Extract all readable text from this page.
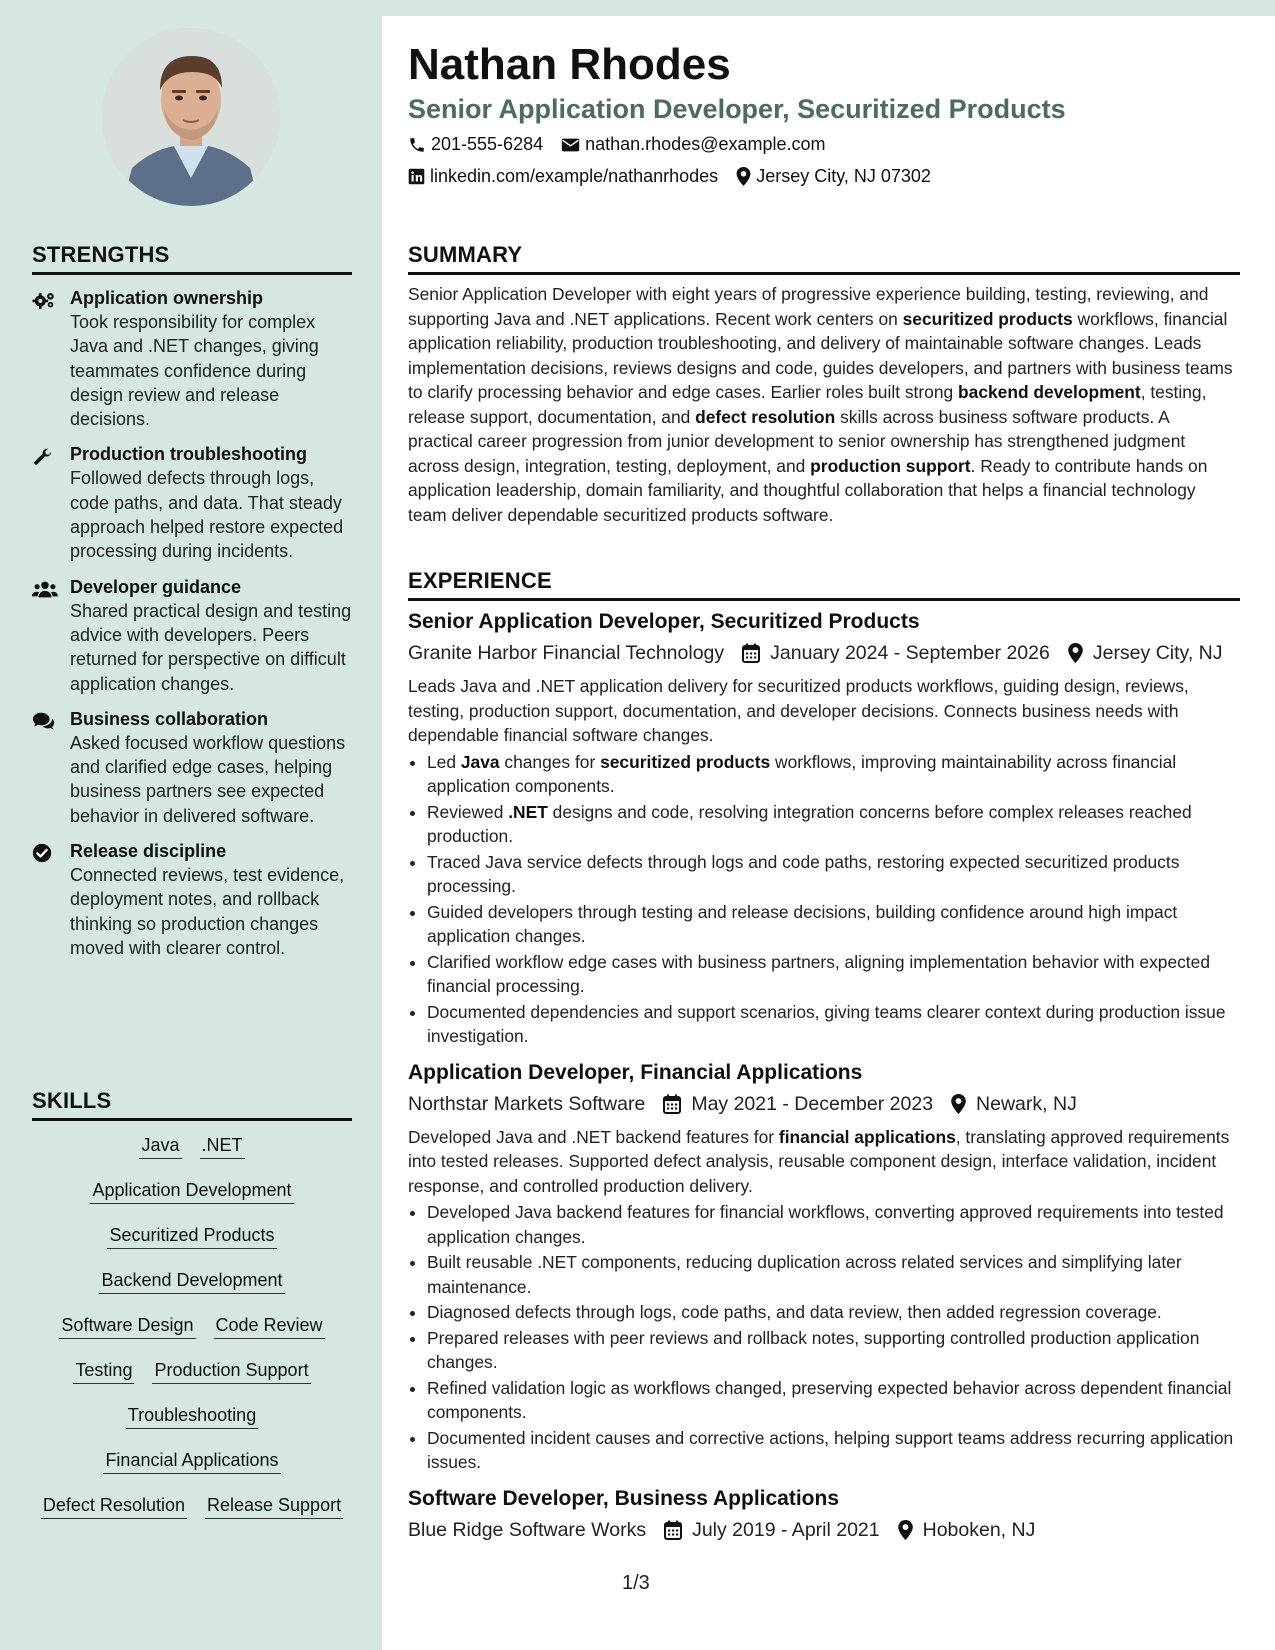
Nathan Rhodes
Senior Application Developer, Securitized Products
201-555-6284 nathan.rhodes@example.com
linkedin.com/example/nathanrhodes Jersey City, NJ 07302
STRENGTHS
Application ownership
Took responsibility for complex Java and .NET changes, giving teammates confidence during design review and release decisions.
Production troubleshooting
Followed defects through logs, code paths, and data. That steady approach helped restore expected processing during incidents.
Developer guidance
Shared practical design and testing advice with developers. Peers returned for perspective on difficult application changes.
Business collaboration
Asked focused workflow questions and clarified edge cases, helping business partners see expected behavior in delivered software.
Release discipline
Connected reviews, test evidence, deployment notes, and rollback thinking so production changes moved with clearer control.
SKILLS
Java .NET
Application Development
Securitized Products
Backend Development
Software Design Code Review
Testing Production Support
Troubleshooting
Financial Applications
Defect Resolution Release Support
SUMMARY

Senior Application Developer with eight years of progressive experience building, testing, reviewing, and supporting Java and .NET applications. Recent work centers on securitized products workflows, financial application reliability, production troubleshooting, and delivery of maintainable software changes. Leads implementation decisions, reviews designs and code, guides developers, and partners with business teams to clarify processing behavior and edge cases. Earlier roles built strong backend development, testing, release support, documentation, and defect resolution skills across business software products. A practical career progression from junior development to senior ownership has strengthened judgment across design, integration, testing, deployment, and production support. Ready to contribute hands on application leadership, domain familiarity, and thoughtful collaboration that helps a financial technology team deliver dependable securitized products software.

EXPERIENCE
Senior Application Developer, Securitized Products
Granite Harbor Financial Technology January 2024 - September 2026 Jersey City, NJ

Leads Java and .NET application delivery for securitized products workflows, guiding design, reviews, testing, production support, documentation, and developer decisions. Connects business needs with dependable financial software changes.

• Led Java changes for securitized products workflows, improving maintainability across financial application components.
• Reviewed .NET designs and code, resolving integration concerns before complex releases reached production.
• Traced Java service defects through logs and code paths, restoring expected securitized products processing.
• Guided developers through testing and release decisions, building confidence around high impact application changes.
• Clarified workflow edge cases with business partners, aligning implementation behavior with expected financial processing.
• Documented dependencies and support scenarios, giving teams clearer context during production issue investigation.
Application Developer, Financial Applications
Northstar Markets Software May 2021 - December 2023 Newark, NJ

Developed Java and .NET backend features for financial applications, translating approved requirements into tested releases. Supported defect analysis, reusable component design, interface validation, incident response, and controlled production delivery.

• Developed Java backend features for financial workflows, converting approved requirements into tested application changes.
• Built reusable .NET components, reducing duplication across related services and simplifying later maintenance.
• Diagnosed defects through logs, code paths, and data review, then added regression coverage.
• Prepared releases with peer reviews and rollback notes, supporting controlled production application changes.
• Refined validation logic as workflows changed, preserving expected behavior across dependent financial components.
• Documented incident causes and corrective actions, helping support teams address recurring application issues.
Software Developer, Business Applications
Blue Ridge Software Works July 2019 - April 2021 Hoboken, NJ
1/3
